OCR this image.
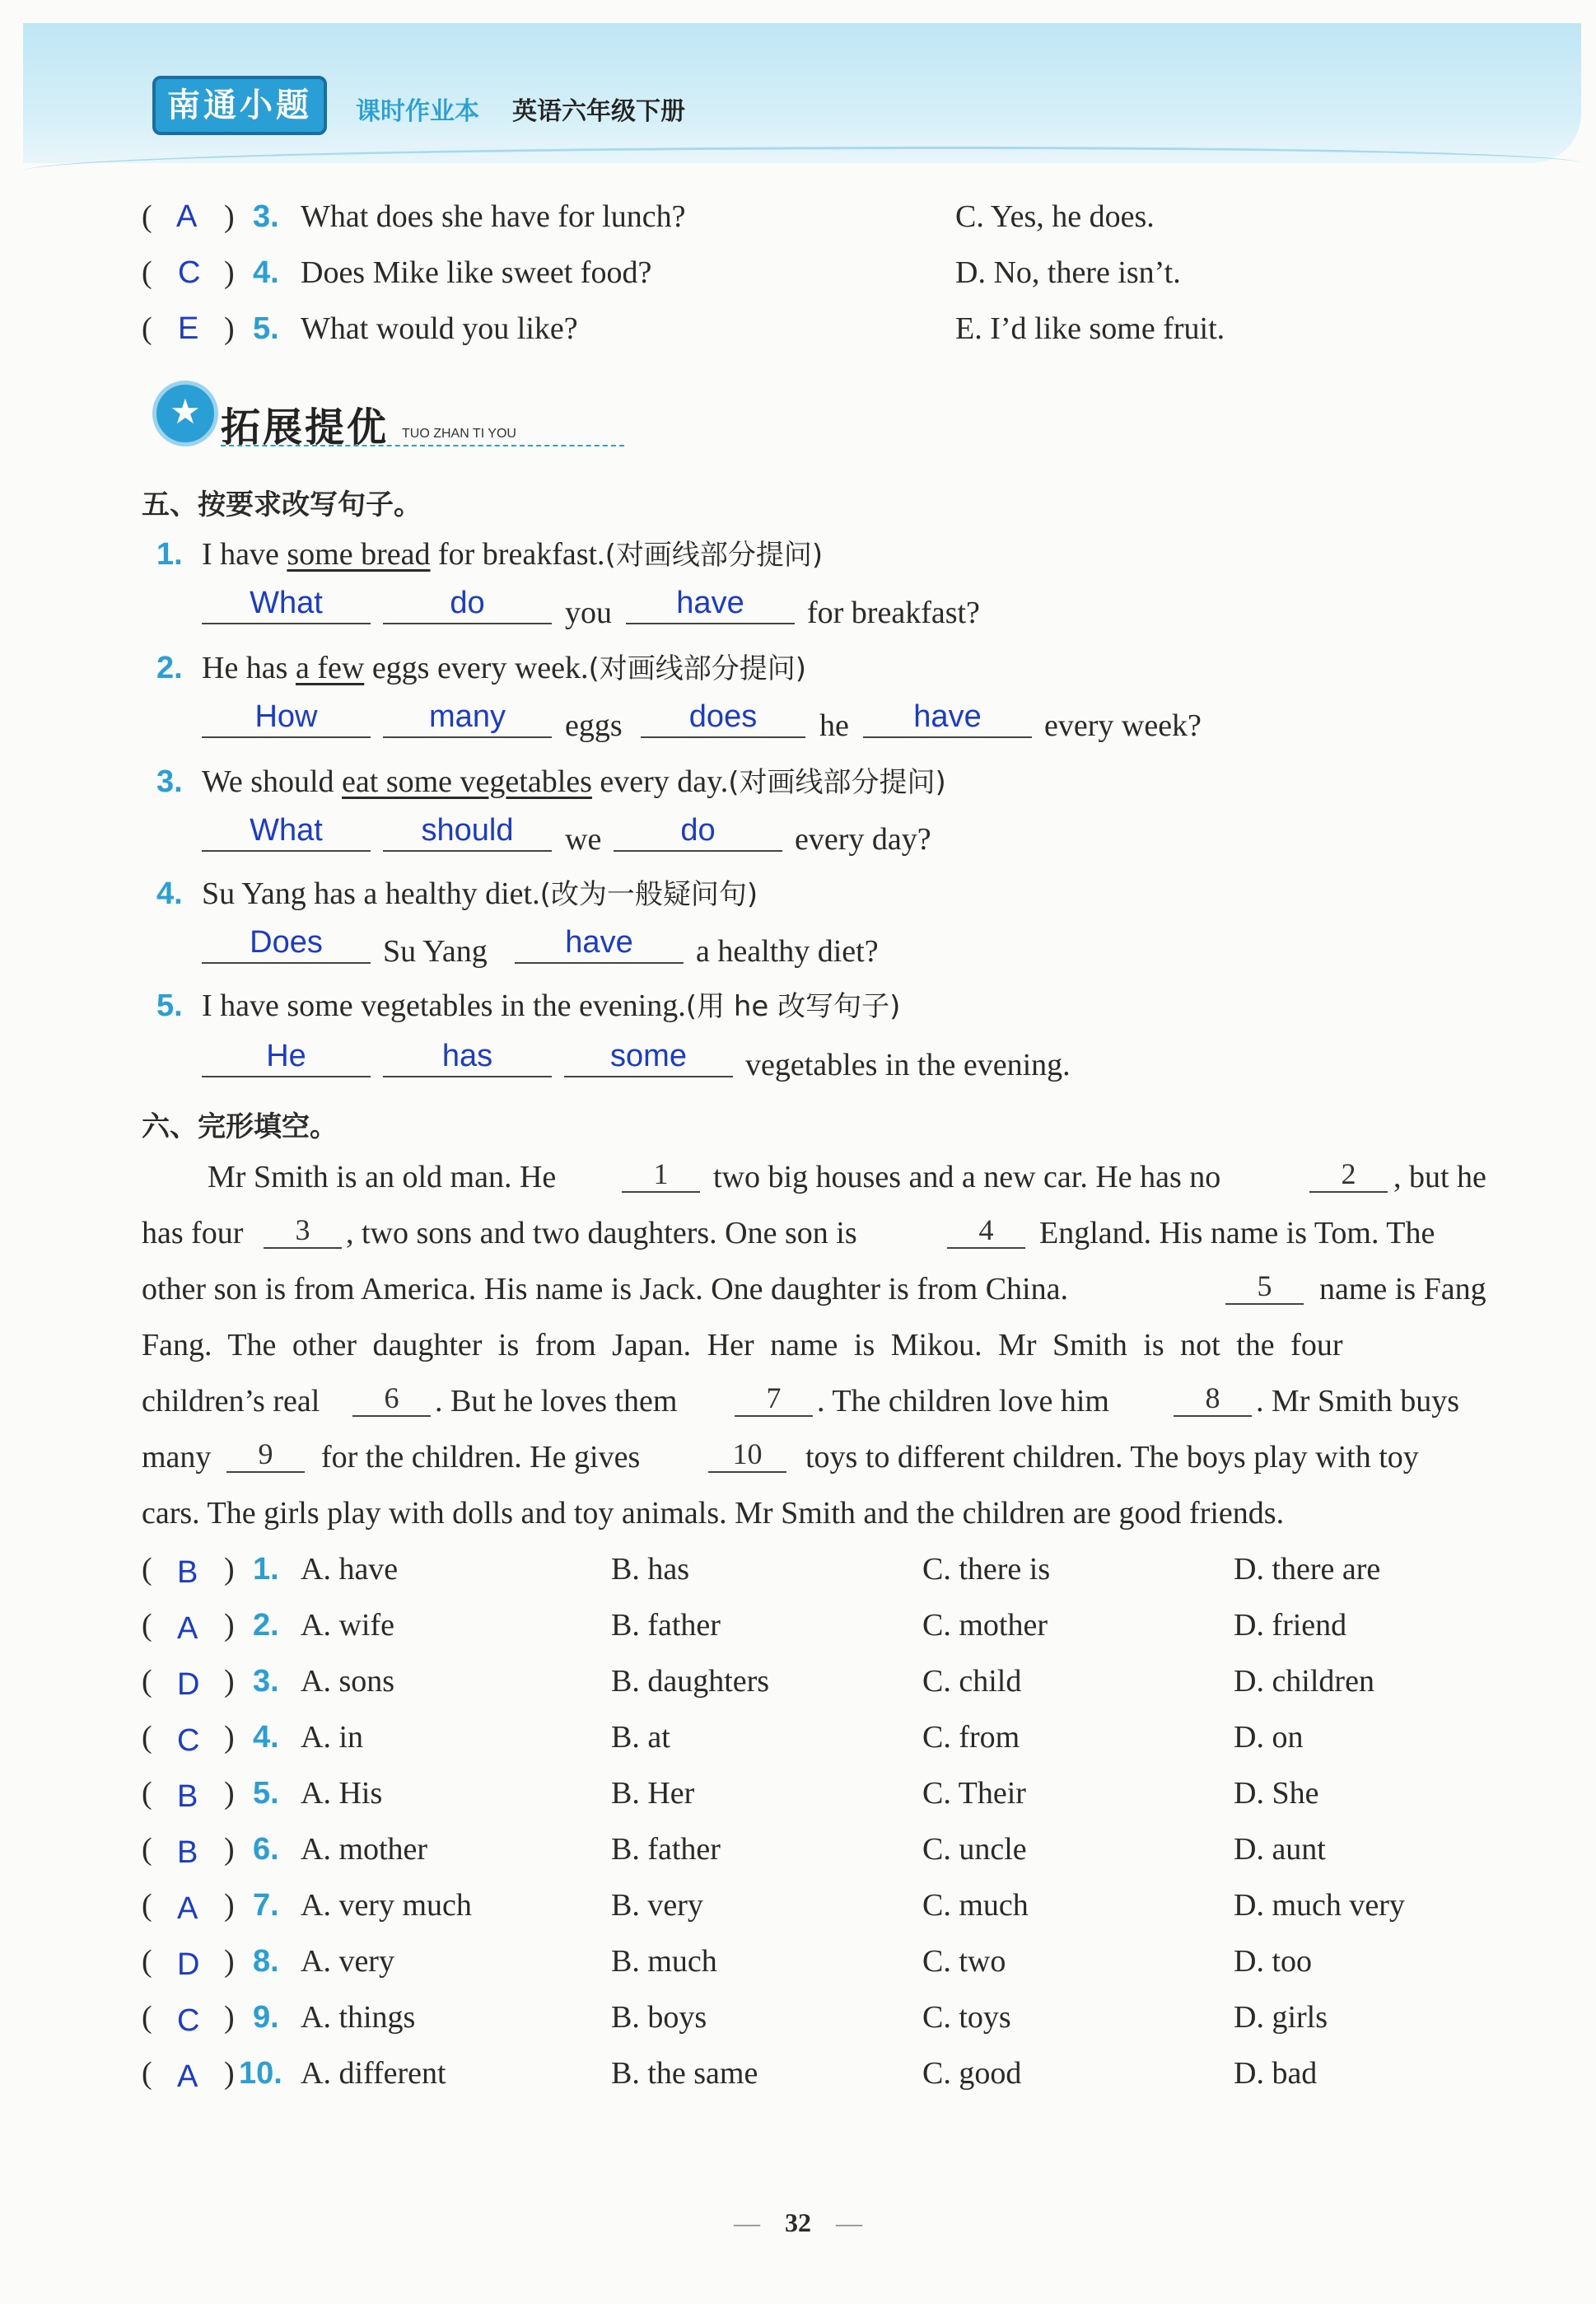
南通小题	课时作业本 英语六年级下册
( A ) 3. What does she have for lunch?	C. Yes, he does.
( C ) 4. Does Mike like sweet food?	D. No, there isn’t.
( E ) 5. What would you like?	E. I’d like some fruit.
★ 拓展提优 TUO ZHAN TI YOU
五、按要求改写句子。
1. I have some bread for breakfast.(对画线部分提问)
What	do	you	have	for breakfast?
2. He has a few eggs every week.(对画线部分提问)
How	many	eggs	does	he	have	every week?
3. We should eat some vegetables every day.(对画线部分提问)
What	should	we	do	every day?
4. Su Yang has a healthy diet.(改为一般疑问句)
Does	Su Yang	have	a healthy diet?
5. I have some vegetables in the evening.(用 he 改写句子)
He	has	some	vegetables in the evening.
六、完形填空。
Mr Smith is an old man. He	1	two big houses and a new car. He has no	2	, but he
has four	3	, two sons and two daughters. One son is	4	England. His name is Tom. The
other son is from America. His name is Jack. One daughter is from China.	5	name is Fang
Fang. The other daughter is from Japan. Her name is Mikou. Mr Smith is not the four
children’s real	6	. But he loves them	7	. The children love him	8	. Mr Smith buys
many	9	for the children. He gives	10	toys to different children. The boys play with toy
cars. The girls play with dolls and toy animals. Mr Smith and the children are good friends.
( B ) 1. A. have	B. has	C. there is	D. there are
( A ) 2. A. wife	B. father	C. mother	D. friend
( D ) 3. A. sons	B. daughters	C. child	D. children
( C ) 4. A. in	B. at	C. from	D. on
( B ) 5. A. His	B. Her	C. Their	D. She
( B ) 6. A. mother	B. father	C. uncle	D. aunt
( A ) 7. A. very much	B. very	C. much	D. much very
( D ) 8. A. very	B. much	C. two	D. too
( C ) 9. A. things	B. boys	C. toys	D. girls
( A ) 10. A. different	B. the same	C. good	D. bad
— 32 —
